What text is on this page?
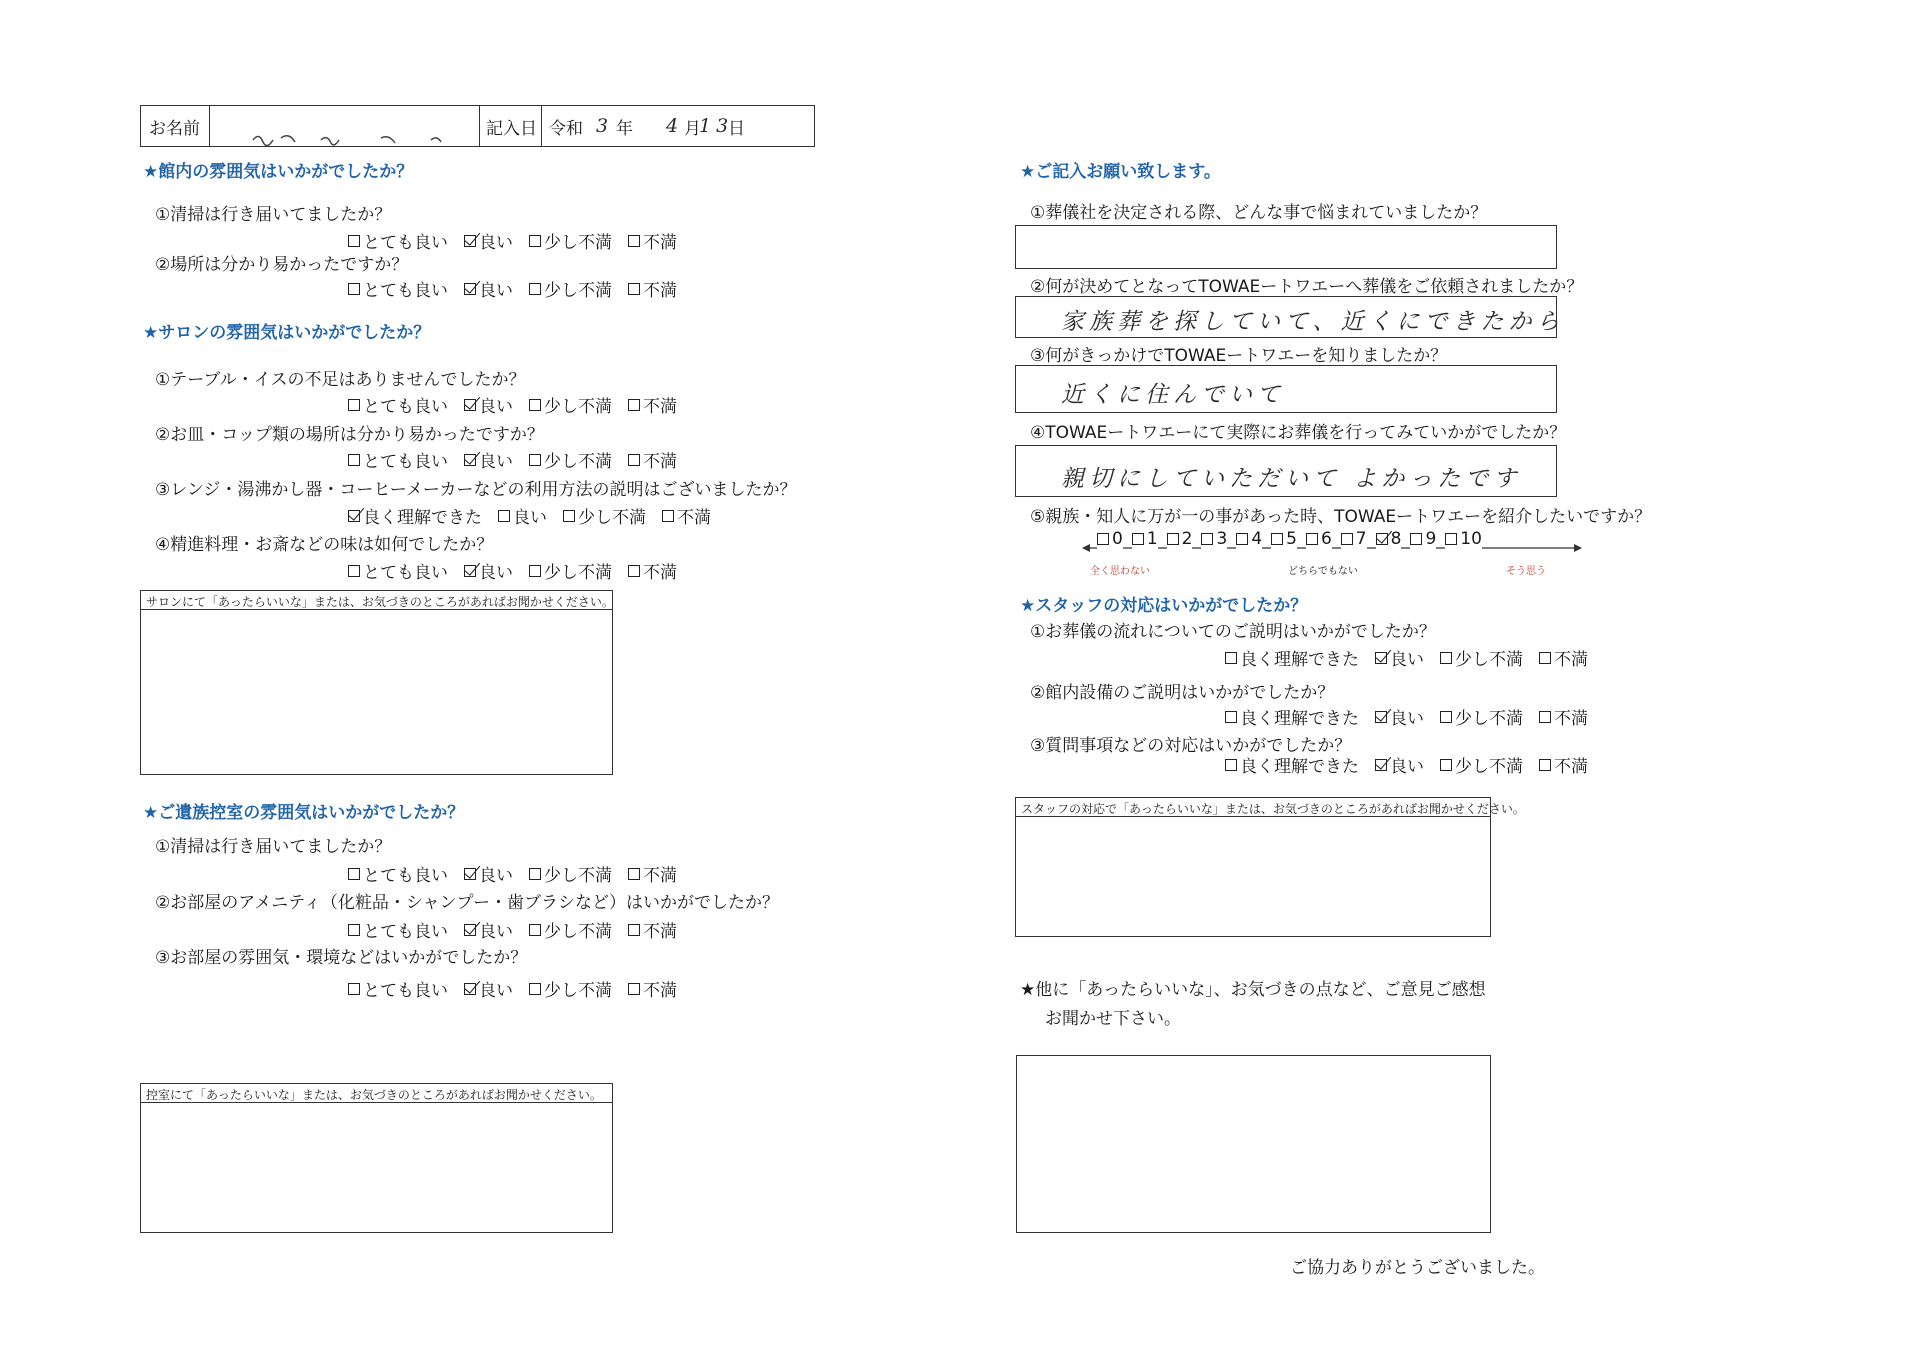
お名前	記入日 令和 3 年 4 月
13
日
★館内の雰囲気はいかがでしたか？
①清掃は行き届いてましたか？
とても良い 良い 少し不満 不満
②場所は分かり易かったですか？
とても良い 良い 少し不満 不満
★サロンの雰囲気はいかがでしたか？
①テーブル・イスの不足はありませんでしたか？
とても良い 良い 少し不満 不満
②お皿・コップ類の場所は分かり易かったですか？
とても良い 良い 少し不満 不満
③レンジ・湯沸かし器・コーヒーメーカーなどの利用方法の説明はございましたか？
良く理解できた 良い 少し不満 不満
④精進料理・お斎などの味は如何でしたか？
とても良い 良い 少し不満 不満
サロンにて「あったらいいな」または、お気づきのところがあればお聞かせください。
★ご遺族控室の雰囲気はいかがでしたか？
①清掃は行き届いてましたか？
とても良い 良い 少し不満 不満
②お部屋のアメニティ（化粧品・シャンプー・歯ブラシなど）はいかがでしたか？
とても良い 良い 少し不満 不満
③お部屋の雰囲気・環境などはいかがでしたか？
とても良い 良い 少し不満 不満
控室にて「あったらいいな」または、お気づきのところがあればお聞かせください。
★ご記入お願い致します。
①葬儀社を決定される際、どんな事で悩まれていましたか？
②何が決めてとなってTOWAEートワエーへ葬儀をご依頼されましたか？
家族葬を探していて、近くにできたから
③何がきっかけでTOWAEートワエーを知りましたか？
近くに住んでいて
④TOWAEートワエーにて実際にお葬儀を行ってみていかがでしたか？
親切にしていただいて よかったです
⑤親族・知人に万が一の事があった時、TOWAEートワエーを紹介したいですか？
0 1 2 3 4 5 6 7 8 9 10
全く思わない	どちらでもない	そう思う
★スタッフの対応はいかがでしたか？
①お葬儀の流れについてのご説明はいかがでしたか？
良く理解できた 良い 少し不満 不満
②館内設備のご説明はいかがでしたか？
良く理解できた 良い 少し不満 不満
③質問事項などの対応はいかがでしたか？
良く理解できた 良い 少し不満 不満
スタッフの対応で「あったらいいな」または、お気づきのところがあればお聞かせください。
★他に「あったらいいな」、お気づきの点など、ご意見ご感想
お聞かせ下さい。
ご協力ありがとうございました。
